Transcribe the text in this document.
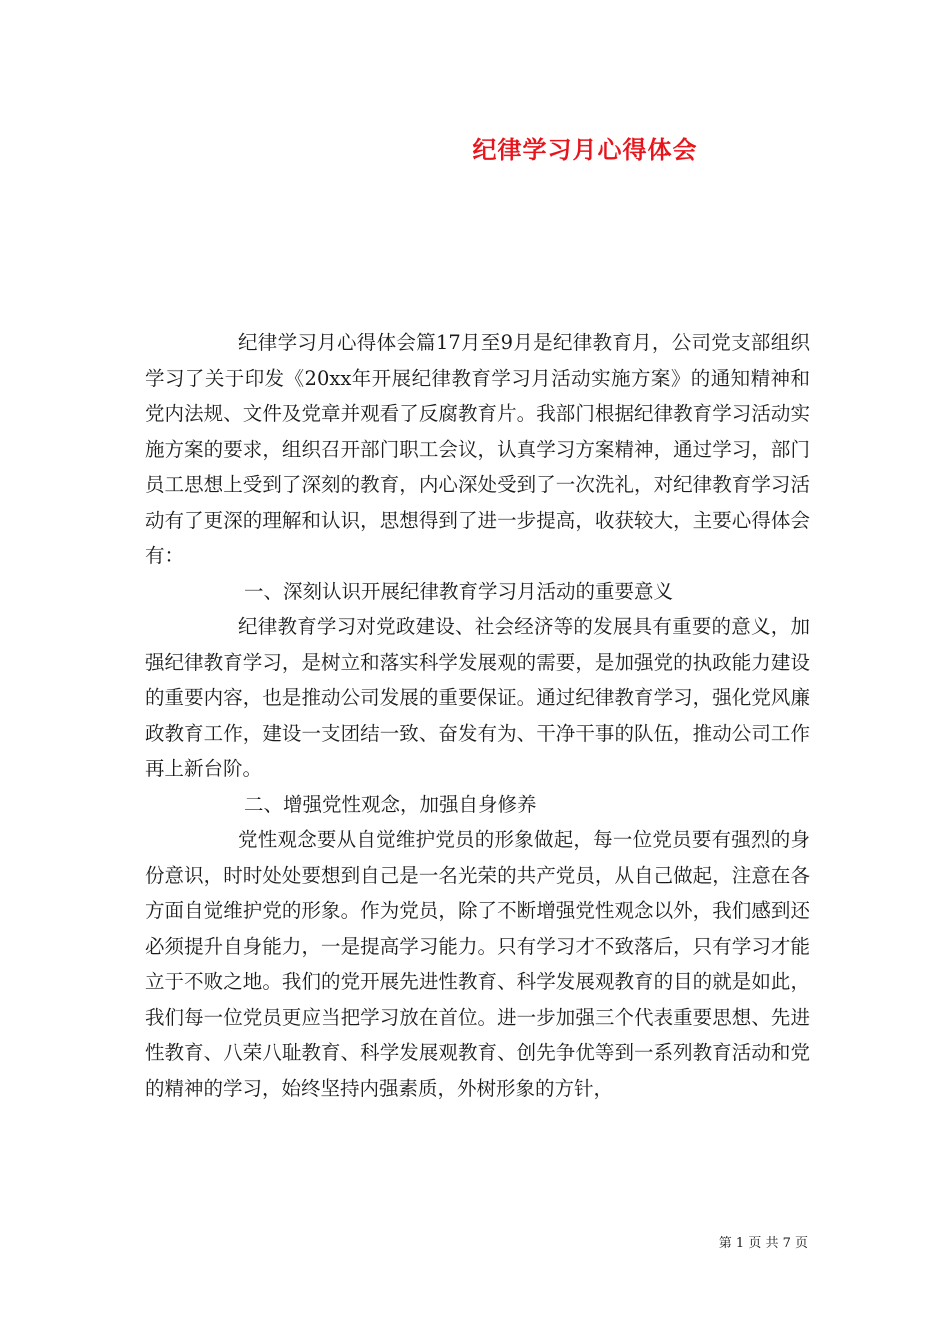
纪律学习月心得体会

纪律学习月心得体会篇17月至9月是纪律教育月，公司党支部组织学习了关于印发《20xx年开展纪律教育学习月活动实施方案》的通知精神和党内法规、文件及党章并观看了反腐教育片。我部门根据纪律教育学习活动实施方案的要求，组织召开部门职工会议，认真学习方案精神，通过学习，部门员工思想上受到了深刻的教育，内心深处受到了一次洗礼，对纪律教育学习活动有了更深的理解和认识，思想得到了进一步提高，收获较大，主要心得体会有：

一、深刻认识开展纪律教育学习月活动的重要意义

纪律教育学习对党政建设、社会经济等的发展具有重要的意义，加强纪律教育学习，是树立和落实科学发展观的需要，是加强党的执政能力建设的重要内容，也是推动公司发展的重要保证。通过纪律教育学习，强化党风廉政教育工作，建设一支团结一致、奋发有为、干净干事的队伍，推动公司工作再上新台阶。

二、增强党性观念，加强自身修养

党性观念要从自觉维护党员的形象做起，每一位党员要有强烈的身份意识，时时处处要想到自己是一名光荣的共产党员，从自己做起，注意在各方面自觉维护党的形象。作为党员，除了不断增强党性观念以外，我们感到还必须提升自身能力，一是提高学习能力。只有学习才不致落后，只有学习才能立于不败之地。我们的党开展先进性教育、科学发展观教育的目的就是如此，我们每一位党员更应当把学习放在首位。进一步加强三个代表重要思想、先进性教育、八荣八耻教育、科学发展观教育、创先争优等到一系列教育活动和党的精神的学习，始终坚持内强素质，外树形象的方针，

第 1 页 共 7 页
